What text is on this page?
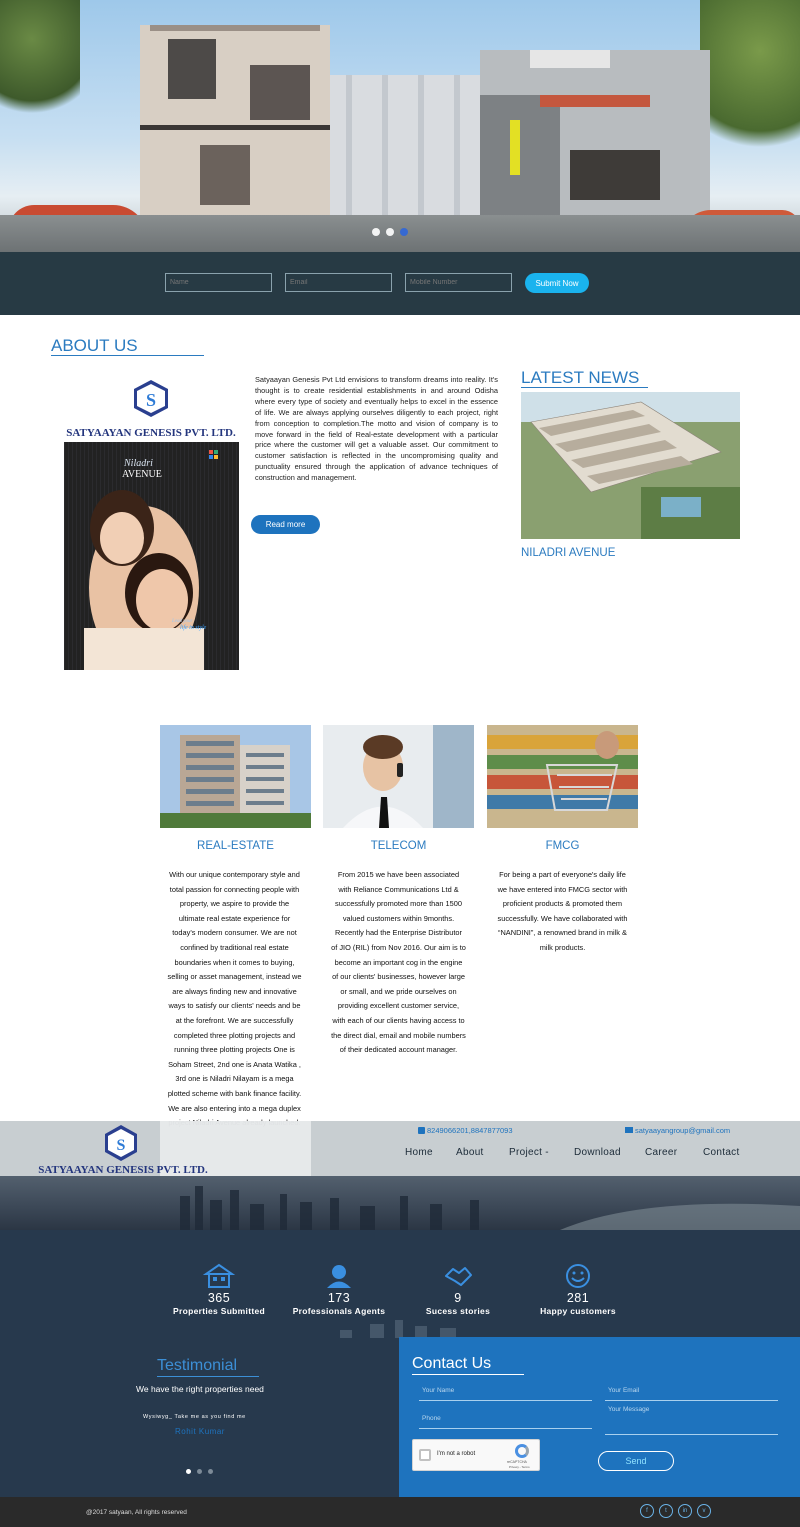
Name
Email
Mobile Number
Submit Now
ABOUT US
S
SATYAAYAN GENESIS PVT. LTD.
Niladri
AVENUE
Lead your
life in style

Satyaayan Genesis Pvt Ltd envisions to transform dreams into reality. It's thought is to create residential establishments in and around Odisha where every type of society and eventually helps to excel in the essence of life. We are always applying ourselves diligently to each project, right from conception to completion.The motto and vision of company is to move forward in the field of Real-estate development with a particular price where the customer will get a valuable asset. Our commitment to customer satisfaction is reflected in the uncompromising quality and punctuality ensured through the application of advance techniques of construction and management.

Read more
LATEST NEWS
NILADRI AVENUE
REAL-ESTATE	TELECOM	FMCG
With our unique contemporary style and total passion for connecting people with property, we aspire to provide the ultimate real estate experience for today's modern consumer. We are not confined by traditional real estate boundaries when it comes to buying, selling or asset management, instead we are always finding new and innovative ways to satisfy our clients' needs and be at the forefront. We are successfully completed three plotting projects and running three plotting projects One is Soham Street, 2nd one is Anata Watika , 3rd one is Niladri Nilayam is a mega plotted scheme with bank finance facility. We are also entering into a mega duplex
From 2015 we have been associated with Reliance Communications Ltd & successfully promoted more than 1500 valued customers within 9months. Recently had the Enterprise Distributor of JIO (RIL) from Nov 2016. Our aim is to become an important cog in the engine of our clients' businesses, however large or small, and we pride ourselves on providing excellent customer service, with each of our clients having access to the direct dial, email and mobile numbers of their dedicated account manager.
For being a part of everyone's daily life we have entered into FMCG sector with proficient products & promoted them successfully. We have collaborated with “NANDINI”, a renowned brand in milk & milk products.
S
SATYAAYAN GENESIS PVT. LTD.
8249066201,8847877093	satyaayangroup@gmail.com
Home About	Project -	Download Career	Contact
365
Properties Submitted
173
Professionals Agents
9
Sucess stories
281
Happy customers
Testimonial
We have the right properties need
Wysiwyg_ Take me as you find me
Rohit Kumar
Contact Us
Your Name	Your Email
Phone
Your Message
I'm not a robot
reCAPTCHA
Privacy - Terms
Send
@2017 satyaan, All rights reserved	f	t	in	v
